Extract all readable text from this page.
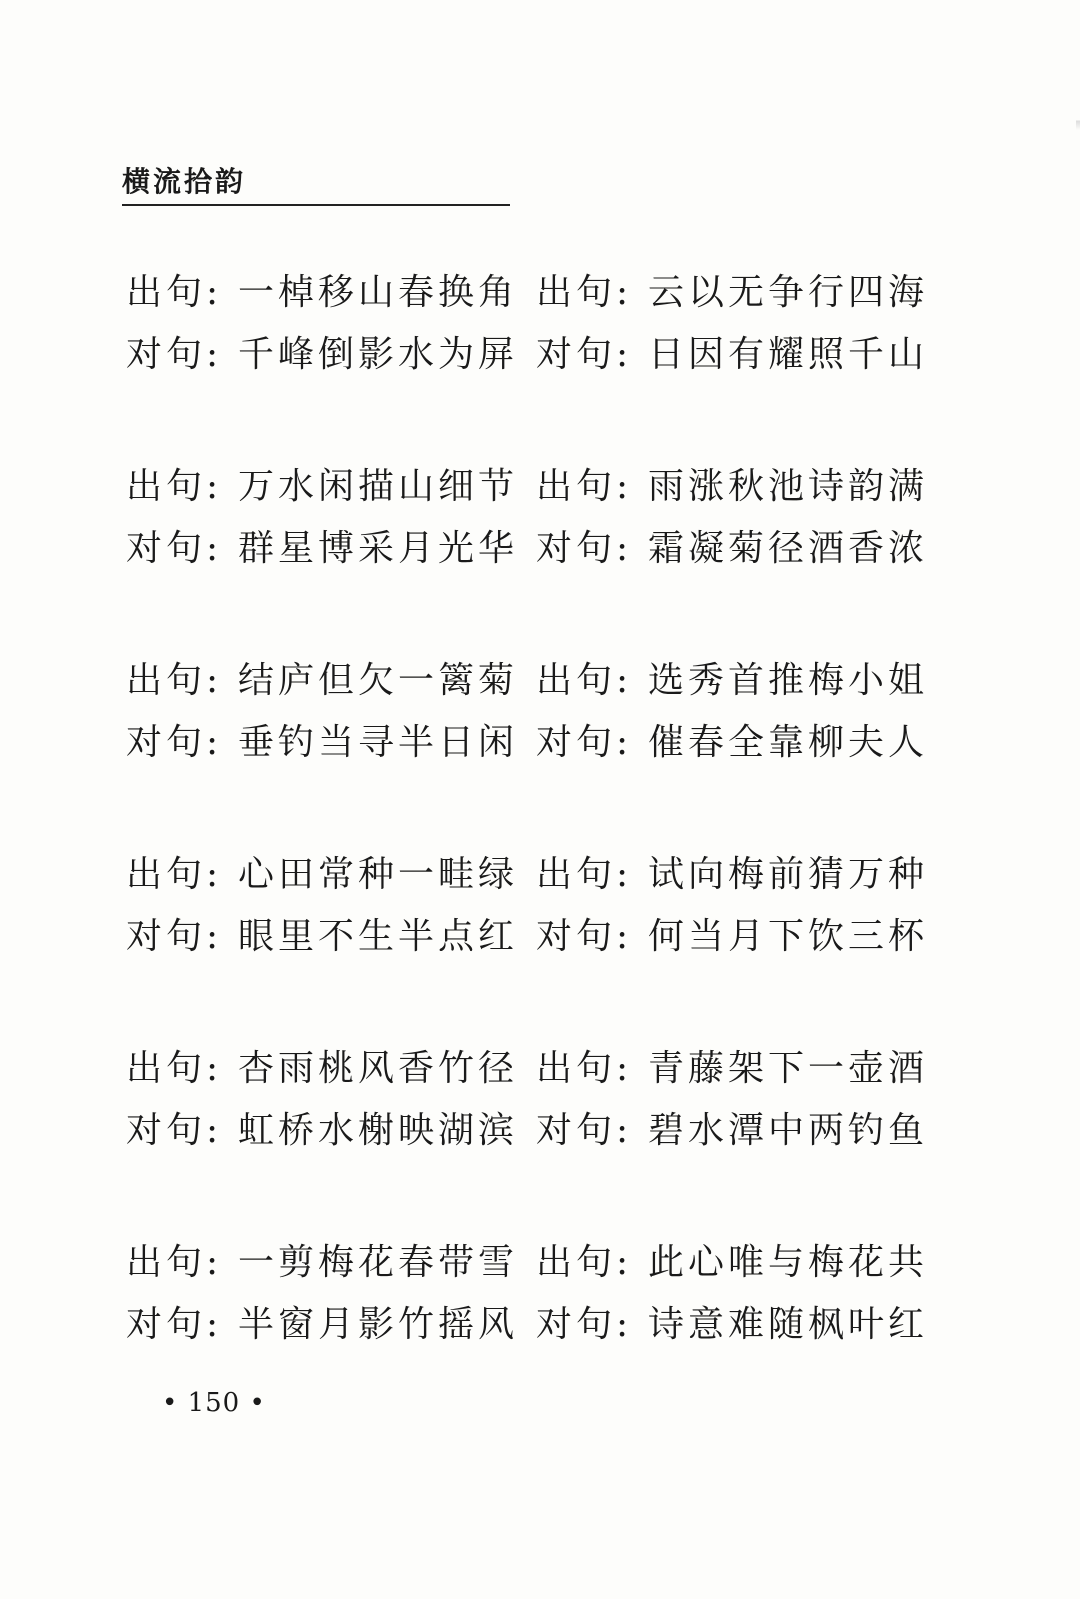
横流拾韵
出句: 一棹移山春换角
对句: 千峰倒影水为屏
出句: 云以无争行四海
对句: 日因有耀照千山
出句: 万水闲描山细节
对句: 群星博采月光华
出句: 雨涨秋池诗韵满
对句: 霜凝菊径酒香浓
出句: 结庐但欠一篱菊
对句: 垂钓当寻半日闲
出句: 选秀首推梅小姐
对句: 催春全靠柳夫人
出句: 心田常种一畦绿
对句: 眼里不生半点红
出句: 试向梅前猜万种
对句: 何当月下饮三杯
出句: 杏雨桃风香竹径
对句: 虹桥水榭映湖滨
出句: 青藤架下一壶酒
对句: 碧水潭中两钓鱼
出句: 一剪梅花春带雪
对句: 半窗月影竹摇风
出句: 此心唯与梅花共
对句: 诗意难随枫叶红
• 150 •
